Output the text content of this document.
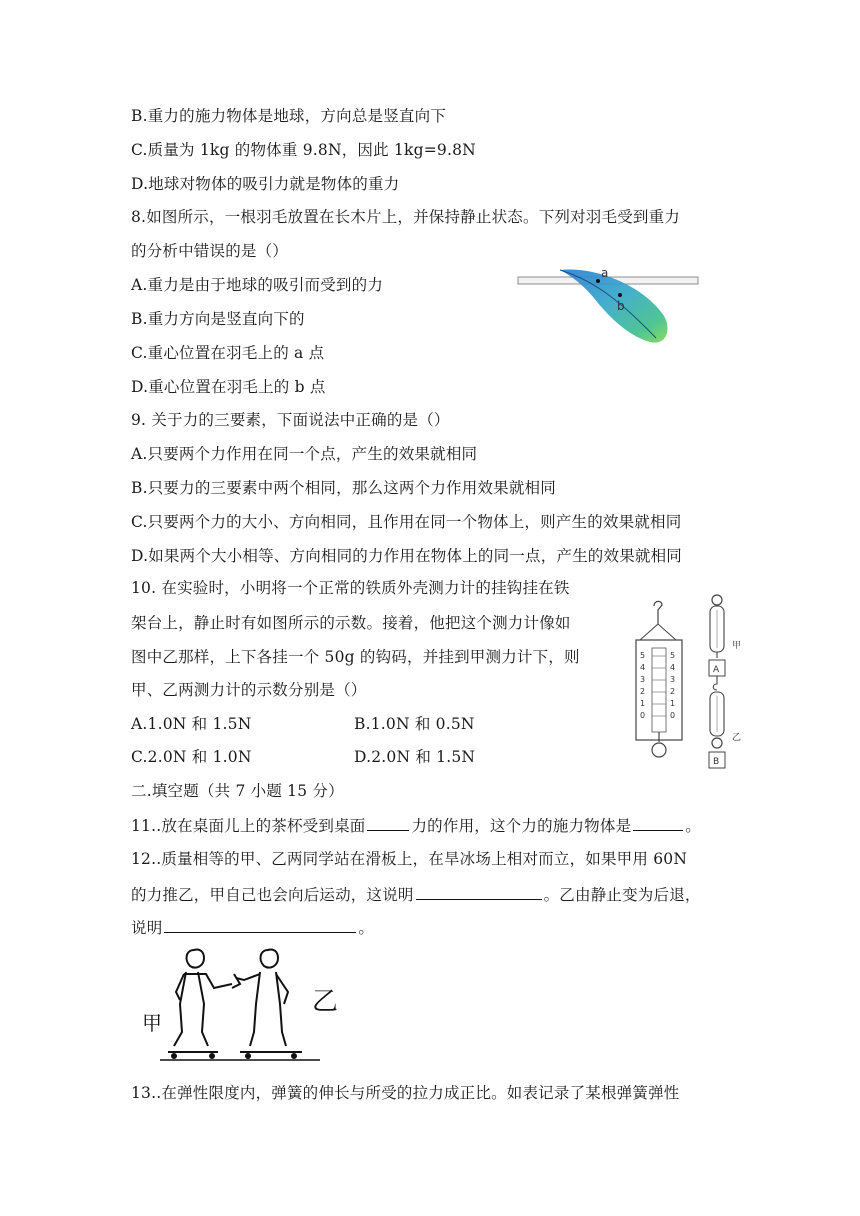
B.重力的施力物体是地球，方向总是竖直向下
C.质量为 1kg 的物体重 9.8N，因此 1kg=9.8N
D.地球对物体的吸引力就是物体的重力
8.如图所示，一根羽毛放置在长木片上，并保持静止状态。下列对羽毛受到重力
的分析中错误的是（）
A.重力是由于地球的吸引而受到的力
B.重力方向是竖直向下的
C.重心位置在羽毛上的 a 点
D.重心位置在羽毛上的 b 点
a
b
9. 关于力的三要素，下面说法中正确的是（）
A.只要两个力作用在同一个点，产生的效果就相同
B.只要力的三要素中两个相同，那么这两个力作用效果就相同
C.只要两个力的大小、方向相同，且作用在同一个物体上，则产生的效果就相同
D.如果两个大小相等、方向相同的力作用在物体上的同一点，产生的效果就相同
10. 在实验时，小明将一个正常的铁质外壳测力计的挂钩挂在铁
架台上，静止时有如图所示的示数。接着，他把这个测力计像如
图中乙那样，上下各挂一个 50g 的钩码，并挂到甲测力计下，则
甲、乙两测力计的示数分别是（）
A.1.0N 和 1.5N	B.1.0N 和 0.5N
C.2.0N 和 1.0N	D.2.0N 和 1.5N
5
4
3
2
1
0
5
4
3
2
1
0
甲
A
乙
B
二.填空题（共 7 小题 15 分）
11..放在桌面儿上的茶杯受到桌面	力的作用，这个力的施力物体是	。
12..质量相等的甲、乙两同学站在滑板上，在旱冰场上相对而立，如果甲用 60N
的力推乙，甲自己也会向后运动，这说明	。乙由静止变为后退，
说明	。
甲
乙
13..在弹性限度内，弹簧的伸长与所受的拉力成正比。如表记录了某根弹簧弹性
